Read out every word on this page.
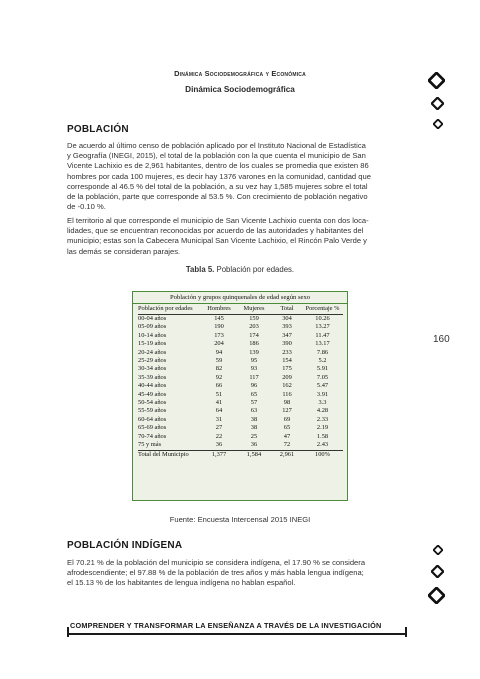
Dinámica Sociodemográfica y Económica
Dinámica Sociodemográfica
POBLACIÓN
De acuerdo al último censo de población aplicado por el Instituto Nacional de Estadística
y Geografía (INEGI, 2015), el total de la población con la que cuenta el municipio de San
Vicente Lachixio es de 2,961 habitantes, dentro de los cuales se promedia que existen 86
hombres por cada 100 mujeres, es decir hay 1376 varones en la comunidad, cantidad que
corresponde al 46.5 % del total de la población, a su vez hay 1,585 mujeres sobre el total
de la población, parte que corresponde al 53.5 %. Con crecimiento de población negativo
de -0.10 %.
El territorio al que corresponde el municipio de San Vicente Lachixio cuenta con dos loca-
lidades, que se encuentran reconocidas por acuerdo de las autoridades y habitantes del
municipio; estas son la Cabecera Municipal San Vicente Lachixio, el Rincón Palo Verde y
las demás se consideran parajes.
Tabla 5. Población por edades.
Población y grupos quinquenales de edad según sexo
Población por edades	Hombres	Mujeres	Total	Porcentaje %
00-04 años	145	159	304	10.26
05-09 años	190	203	393	13.27
10-14 años	173	174	347	11.47
15-19 años	204	186	390	13.17
20-24 años	94	139	233	7.86
25-29 años	59	95	154	5.2
30-34 años	82	93	175	5.91
35-39 años	92	117	209	7.05
40-44 años	66	96	162	5.47
45-49 años	51	65	116	3.91
50-54 años	41	57	98	3.3
55-59 años	64	63	127	4.28
60-64 años	31	38	69	2.33
65-69 años	27	38	65	2.19
70-74 años	22	25	47	1.58
75 y más	36	36	72	2.43
Total del Municipio	1,377	1,584	2,961	100%
160
Fuente: Encuesta Intercensal 2015 INEGI
POBLACIÓN INDÍGENA
El 70.21 % de la población del municipio se considera indígena, el 17.90 % se considera
afrodescendiente; el 97.88 % de la población de tres años y más habla lengua indígena;
el 15.13 % de los habitantes de lengua indígena no hablan español.
COMPRENDER Y TRANSFORMAR LA ENSEÑANZA A TRAVÉS DE LA INVESTIGACIÓN
